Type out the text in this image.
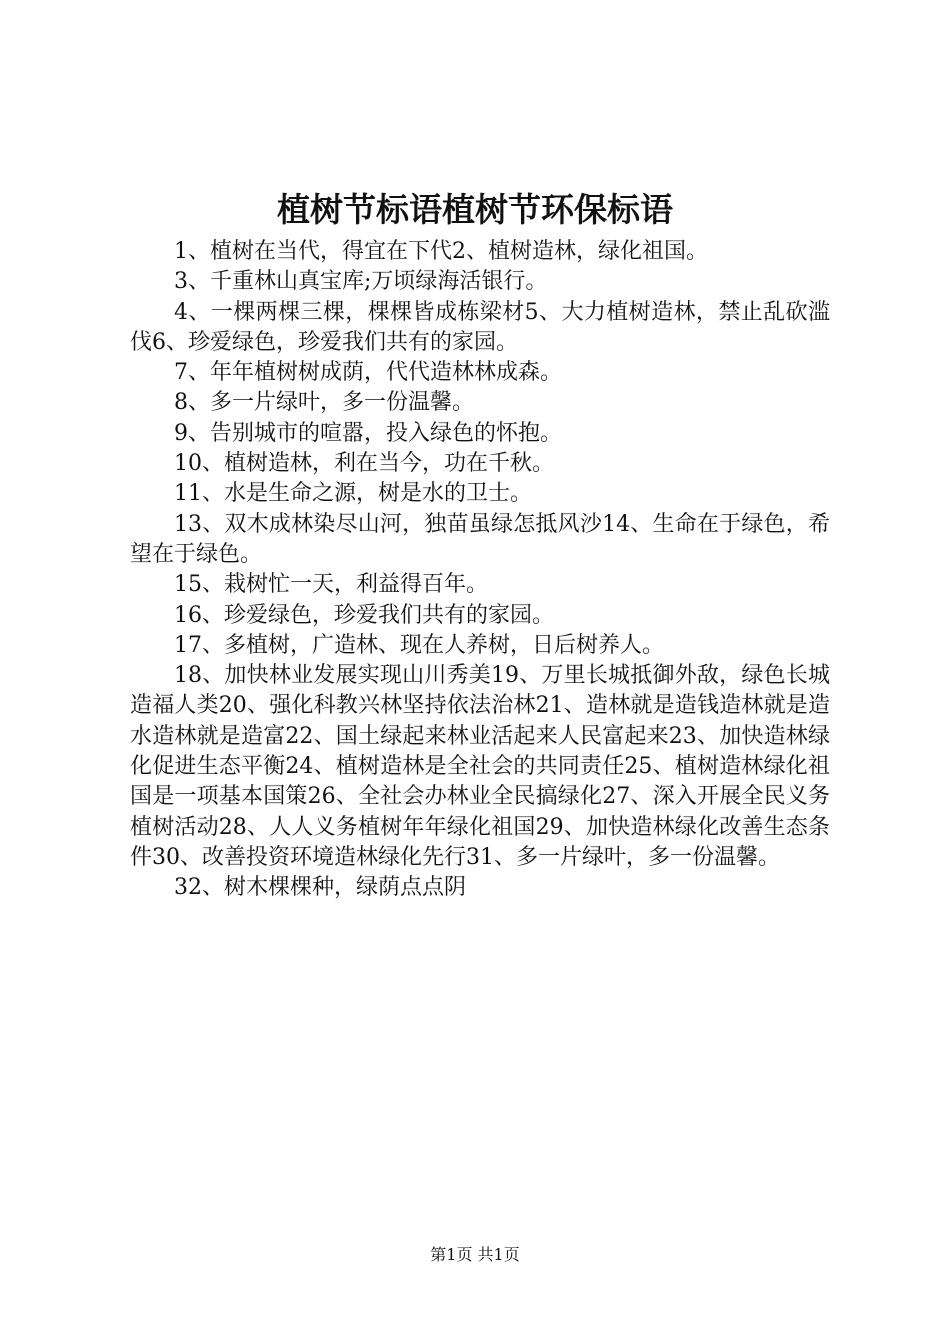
植树节标语植树节环保标语

1、植树在当代，得宜在下代2、植树造林，绿化祖国。

3、千重林山真宝库;万顷绿海活银行。

4、一棵两棵三棵，棵棵皆成栋梁材5、大力植树造林，禁止乱砍滥伐6、珍爱绿色，珍爱我们共有的家园。

7、年年植树树成荫，代代造林林成森。

8、多一片绿叶，多一份温馨。

9、告别城市的喧嚣，投入绿色的怀抱。

10、植树造林，利在当今，功在千秋。

11、水是生命之源，树是水的卫士。

13、双木成林染尽山河，独苗虽绿怎抵风沙14、生命在于绿色，希望在于绿色。

15、栽树忙一天，利益得百年。

16、珍爱绿色，珍爱我们共有的家园。

17、多植树，广造林、现在人养树，日后树养人。

18、加快林业发展实现山川秀美19、万里长城抵御外敌，绿色长城造福人类20、强化科教兴林坚持依法治林21、造林就是造钱造林就是造水造林就是造富22、国土绿起来林业活起来人民富起来23、加快造林绿化促进生态平衡24、植树造林是全社会的共同责任25、植树造林绿化祖国是一项基本国策26、全社会办林业全民搞绿化27、深入开展全民义务植树活动28、人人义务植树年年绿化祖国29、加快造林绿化改善生态条件30、改善投资环境造林绿化先行31、多一片绿叶，多一份温馨。

32、树木棵棵种，绿荫点点阴

第1页 共1页
